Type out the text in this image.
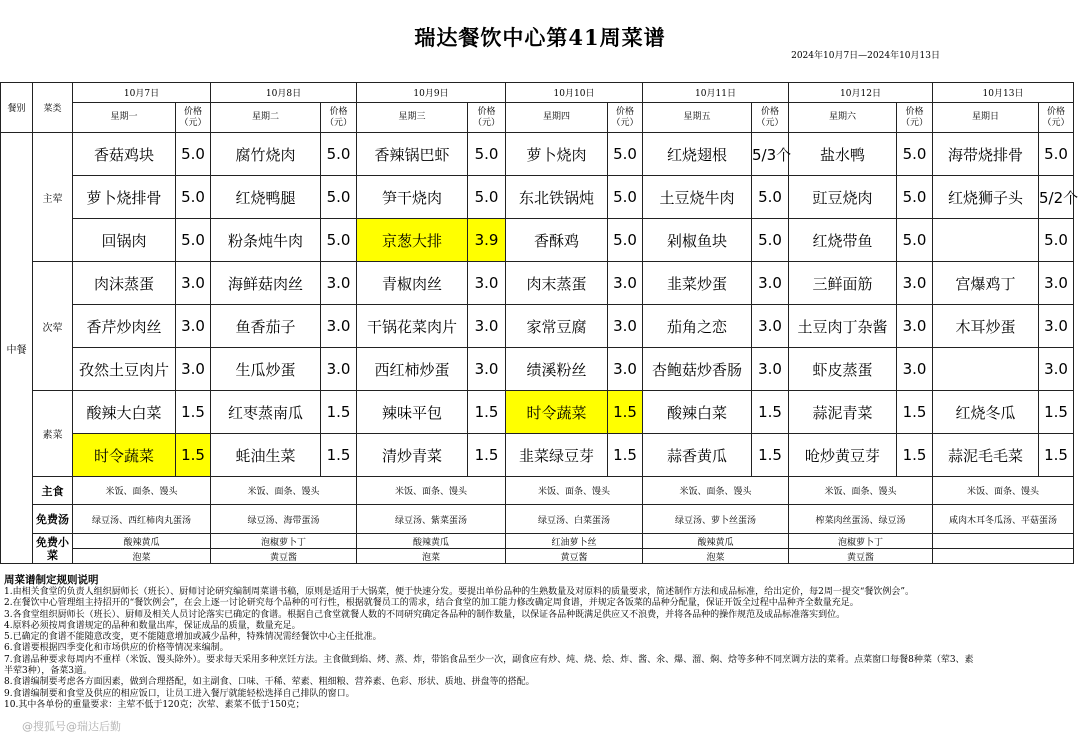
瑞达餐饮中心第41周菜谱
2024年10月7日—2024年10月13日
餐别	菜类	10月7日		10月8日		10月9日		10月10日		10月11日		10月12日		10月13日	
		星期一	价格（元）	星期二	价格（元）	星期三	价格（元）	星期四	价格（元）	星期五	价格（元）	星期六	价格（元）	星期日	价格（元）
中餐	主荤	香菇鸡块	5.0	腐竹烧肉	5.0	香辣锅巴虾	5.0	萝卜烧肉	5.0	红烧翅根	5/3个	盐水鸭	5.0	海带烧排骨	5.0
		萝卜烧排骨	5.0	红烧鸭腿	5.0	笋干烧肉	5.0	东北铁锅炖	5.0	土豆烧牛肉	5.0	豇豆烧肉	5.0	红烧狮子头	5/2个
		回锅肉	5.0	粉条炖牛肉	5.0	京葱大排	3.9	香酥鸡	5.0	剁椒鱼块	5.0	红烧带鱼	5.0		5.0
	次荤	肉沫蒸蛋	3.0	海鲜菇肉丝	3.0	青椒肉丝	3.0	肉末蒸蛋	3.0	韭菜炒蛋	3.0	三鲜面筋	3.0	宫爆鸡丁	3.0
		香芹炒肉丝	3.0	鱼香茄子	3.0	干锅花菜肉片	3.0	家常豆腐	3.0	茄角之恋	3.0	土豆肉丁杂酱	3.0	木耳炒蛋	3.0
		孜然土豆肉片	3.0	生瓜炒蛋	3.0	西红柿炒蛋	3.0	绩溪粉丝	3.0	杏鲍菇炒香肠	3.0	虾皮蒸蛋	3.0		3.0
	素菜	酸辣大白菜	1.5	红枣蒸南瓜	1.5	辣味平包	1.5	时令蔬菜	1.5	酸辣白菜	1.5	蒜泥青菜	1.5	红烧冬瓜	1.5
		时令蔬菜	1.5	蚝油生菜	1.5	清炒青菜	1.5	韭菜绿豆芽	1.5	蒜香黄瓜	1.5	呛炒黄豆芽	1.5	蒜泥毛毛菜	1.5
	主食	米饭、面条、馒头		米饭、面条、馒头		米饭、面条、馒头		米饭、面条、馒头		米饭、面条、馒头		米饭、面条、馒头		米饭、面条、馒头	
	免费汤	绿豆汤、西红柿肉丸蛋汤		绿豆汤、海带蛋汤		绿豆汤、紫菜蛋汤		绿豆汤、白菜蛋汤		绿豆汤、萝卜丝蛋汤		榨菜肉丝蛋汤、绿豆汤		咸肉木耳冬瓜汤、平菇蛋汤	
	免费小菜	酸辣黄瓜		泡椒萝卜丁		酸辣黄瓜		红油萝卜丝		酸辣黄瓜		泡椒萝卜丁			
		泡菜		黄豆酱		泡菜		黄豆酱		泡菜		黄豆酱			
周菜谱制定规则说明
1.由相关食堂的负责人组织厨师长（班长）、厨师讨论研究编制周菜谱书稿，原则是适用于大锅菜，便于快速分发。要提出单份品种的生熟数量及对原料的质量要求，简述制作方法和成品标准，给出定价，每2周一提交“餐饮例会”。
2.在餐饮中心管理组主持招开的“餐饮例会”，在会上逐一讨论研究每个品种的可行性，根据就餐员工的需求，结合食堂的加工能力修改确定周食谱，并规定各饭菜的品种分配量，保证开饭全过程中品种齐全数量充足。
3.各食堂组织厨师长（班长）、厨师及相关人员讨论落实已确定的食谱。根据自己食堂就餐人数的不同研究确定各品种的制作数量，以保证各品种既满足供应又不浪费，并将各品种的操作规范及成品标准落实到位。
4.原料必须按周食谱规定的品种和数量出库，保证成品的质量，数量充足。
5.已确定的食谱不能随意改变，更不能随意增加或减少品种，特殊情况需经餐饮中心主任批准。
6.食谱要根据四季变化和市场供应的价格等情况来编制。
7.食谱品种要求每周内不重样（米饭、馒头除外）。要求每天采用多种烹饪方法。主食做到焰、烤、蒸、炸，带馅食品至少一次，副食应有炒、炖、烧、烩、炸、酱、氽、爆、溜、焖、焓等多种不同烹调方法的菜肴。点菜窗口每餐8种菜（荤3、素
半荤3种），备菜3道。
8.食谱编制要考虑各方面因素，做到合理搭配，如主副食、口味、干稀、荤素、粗细粮、营养素、色彩、形状、质地、拼盘等的搭配。
9.食谱编制要和食堂及供应的相应饭口，让员工进入餐厅就能轻松选择自己排队的窗口。
10.其中各单份的重量要求：主荤不低于120克；次荤、素菜不低于150克；
@搜狐号@瑞达后勤
